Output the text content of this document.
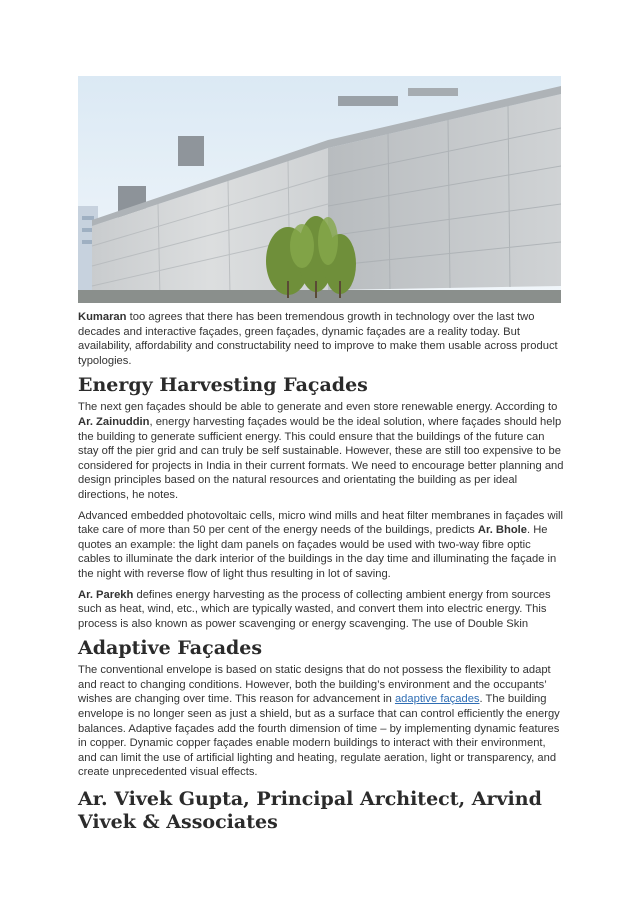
Kumaran too agrees that there has been tremendous growth in technology over the last two decades and interactive façades, green façades, dynamic façades are a reality today. But availability, affordability and constructability need to improve to make them usable across product typologies.

Energy Harvesting Façades

The next gen façades should be able to generate and even store renewable energy. According to Ar. Zainuddin, energy harvesting façades would be the ideal solution, where façades should help the building to generate sufficient energy. This could ensure that the buildings of the future can stay off the pier grid and can truly be self sustainable. However, these are still too expensive to be considered for projects in India in their current formats. We need to encourage better planning and design principles based on the natural resources and orientating the building as per ideal directions, he notes.

Advanced embedded photovoltaic cells, micro wind mills and heat filter membranes in façades will take care of more than 50 per cent of the energy needs of the buildings, predicts Ar. Bhole. He quotes an example: the light dam panels on façades would be used with two-way fibre optic cables to illuminate the dark interior of the buildings in the day time and illuminating the façade in the night with reverse flow of light thus resulting in lot of saving.

Ar. Parekh defines energy harvesting as the process of collecting ambient energy from sources such as heat, wind, etc., which are typically wasted, and convert them into electric energy. This process is also known as power scavenging or energy scavenging. The use of Double Skin

Adaptive Façades

The conventional envelope is based on static designs that do not possess the flexibility to adapt and react to changing conditions. However, both the building’s environment and the occupants’ wishes are changing over time. This reason for advancement in adaptive façades. The building envelope is no longer seen as just a shield, but as a surface that can control efficiently the energy balances. Adaptive façades add the fourth dimension of time – by implementing dynamic features in copper. Dynamic copper façades enable modern buildings to interact with their environment, and can limit the use of artificial lighting and heating, regulate aeration, light or transparency, and create unprecedented visual effects.

Ar. Vivek Gupta, Principal Architect, Arvind Vivek & Associates
